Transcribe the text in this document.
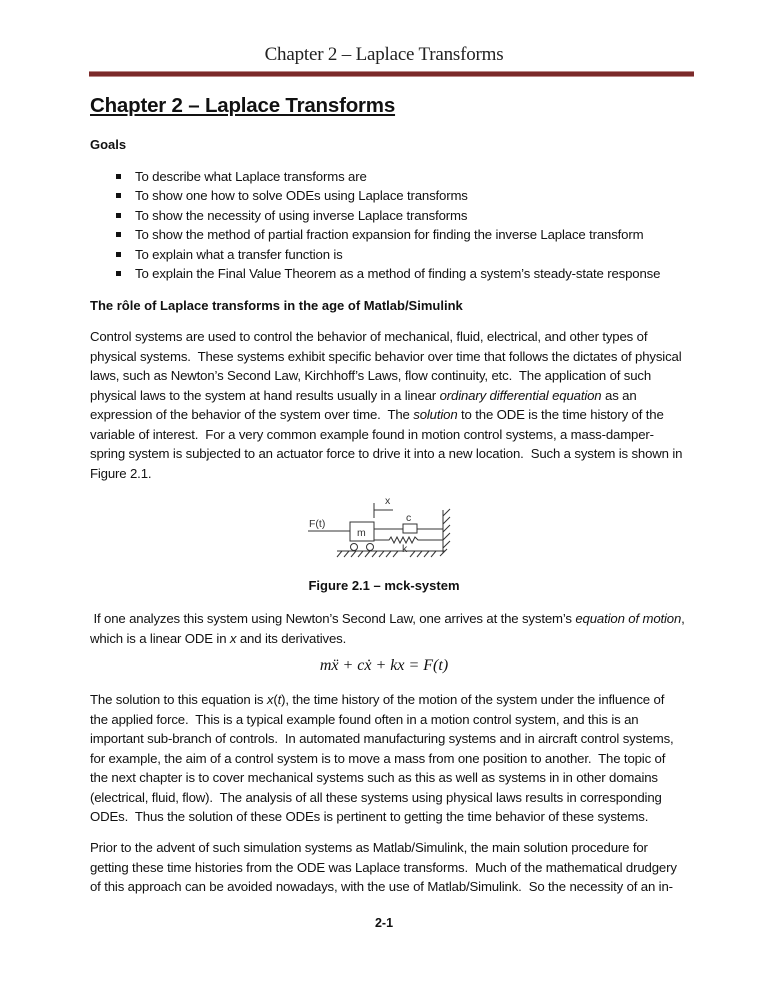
Chapter 2 – Laplace Transforms
Chapter 2 – Laplace Transforms
Goals
To describe what Laplace transforms are
To show one how to solve ODEs using Laplace transforms
To show the necessity of using inverse Laplace transforms
To show the method of partial fraction expansion for finding the inverse Laplace transform
To explain what a transfer function is
To explain the Final Value Theorem as a method of finding a system’s steady-state response
The rôle of Laplace transforms in the age of Matlab/Simulink
Control systems are used to control the behavior of mechanical, fluid, electrical, and other types of
physical systems.  These systems exhibit specific behavior over time that follows the dictates of physical
laws, such as Newton’s Second Law, Kirchhoff’s Laws, flow continuity, etc.  The application of such
physical laws to the system at hand results usually in a linear ordinary differential equation as an
expression of the behavior of the system over time.  The solution to the ODE is the time history of the
variable of interest.  For a very common example found in motion control systems, a mass-damper-
spring system is subjected to an actuator force to drive it into a new location.  Such a system is shown in
Figure 2.1.
x
F(t)
m
c
k
Figure 2.1 – mck-system
If one analyzes this system using Newton’s Second Law, one arrives at the system’s equation of motion,
which is a linear ODE in x and its derivatives.
mẍ + cẋ + kx = F(t)
The solution to this equation is x(t), the time history of the motion of the system under the influence of
the applied force.  This is a typical example found often in a motion control system, and this is an
important sub-branch of controls.  In automated manufacturing systems and in aircraft control systems,
for example, the aim of a control system is to move a mass from one position to another.  The topic of
the next chapter is to cover mechanical systems such as this as well as systems in in other domains
(electrical, fluid, flow).  The analysis of all these systems using physical laws results in corresponding
ODEs.  Thus the solution of these ODEs is pertinent to getting the time behavior of these systems.
Prior to the advent of such simulation systems as Matlab/Simulink, the main solution procedure for
getting these time histories from the ODE was Laplace transforms.  Much of the mathematical drudgery
of this approach can be avoided nowadays, with the use of Matlab/Simulink.  So the necessity of an in-
2-1
